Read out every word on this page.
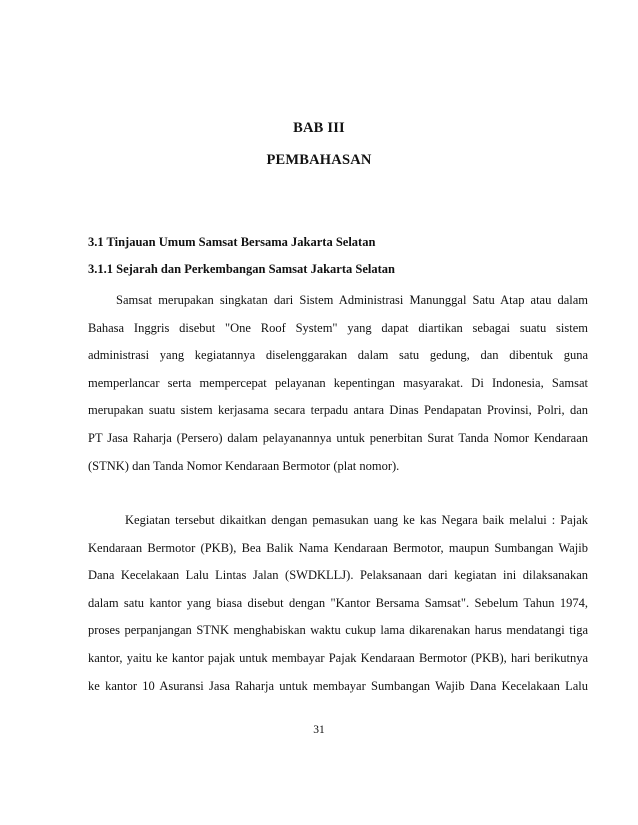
BAB III
PEMBAHASAN
3.1 Tinjauan Umum Samsat Bersama Jakarta Selatan
3.1.1 Sejarah dan Perkembangan Samsat Jakarta Selatan
Samsat merupakan singkatan dari Sistem Administrasi Manunggal Satu Atap atau dalam
Bahasa Inggris disebut "One Roof System" yang dapat diartikan sebagai suatu sistem
administrasi yang kegiatannya diselenggarakan dalam satu gedung, dan dibentuk guna
memperlancar serta mempercepat pelayanan kepentingan masyarakat. Di Indonesia, Samsat
merupakan suatu sistem kerjasama secara terpadu antara Dinas Pendapatan Provinsi, Polri, dan
PT Jasa Raharja (Persero) dalam pelayanannya untuk penerbitan Surat Tanda Nomor Kendaraan
(STNK) dan Tanda Nomor Kendaraan Bermotor (plat nomor).
Kegiatan tersebut dikaitkan dengan pemasukan uang ke kas Negara baik melalui : Pajak
Kendaraan Bermotor (PKB), Bea Balik Nama Kendaraan Bermotor, maupun Sumbangan Wajib
Dana Kecelakaan Lalu Lintas Jalan (SWDKLLJ). Pelaksanaan dari kegiatan ini dilaksanakan
dalam satu kantor yang biasa disebut dengan "Kantor Bersama Samsat". Sebelum Tahun 1974,
proses perpanjangan STNK menghabiskan waktu cukup lama dikarenakan harus mendatangi tiga
kantor, yaitu ke kantor pajak untuk membayar Pajak Kendaraan Bermotor (PKB), hari berikutnya
ke kantor 10 Asuransi Jasa Raharja untuk membayar Sumbangan Wajib Dana Kecelakaan Lalu
31
